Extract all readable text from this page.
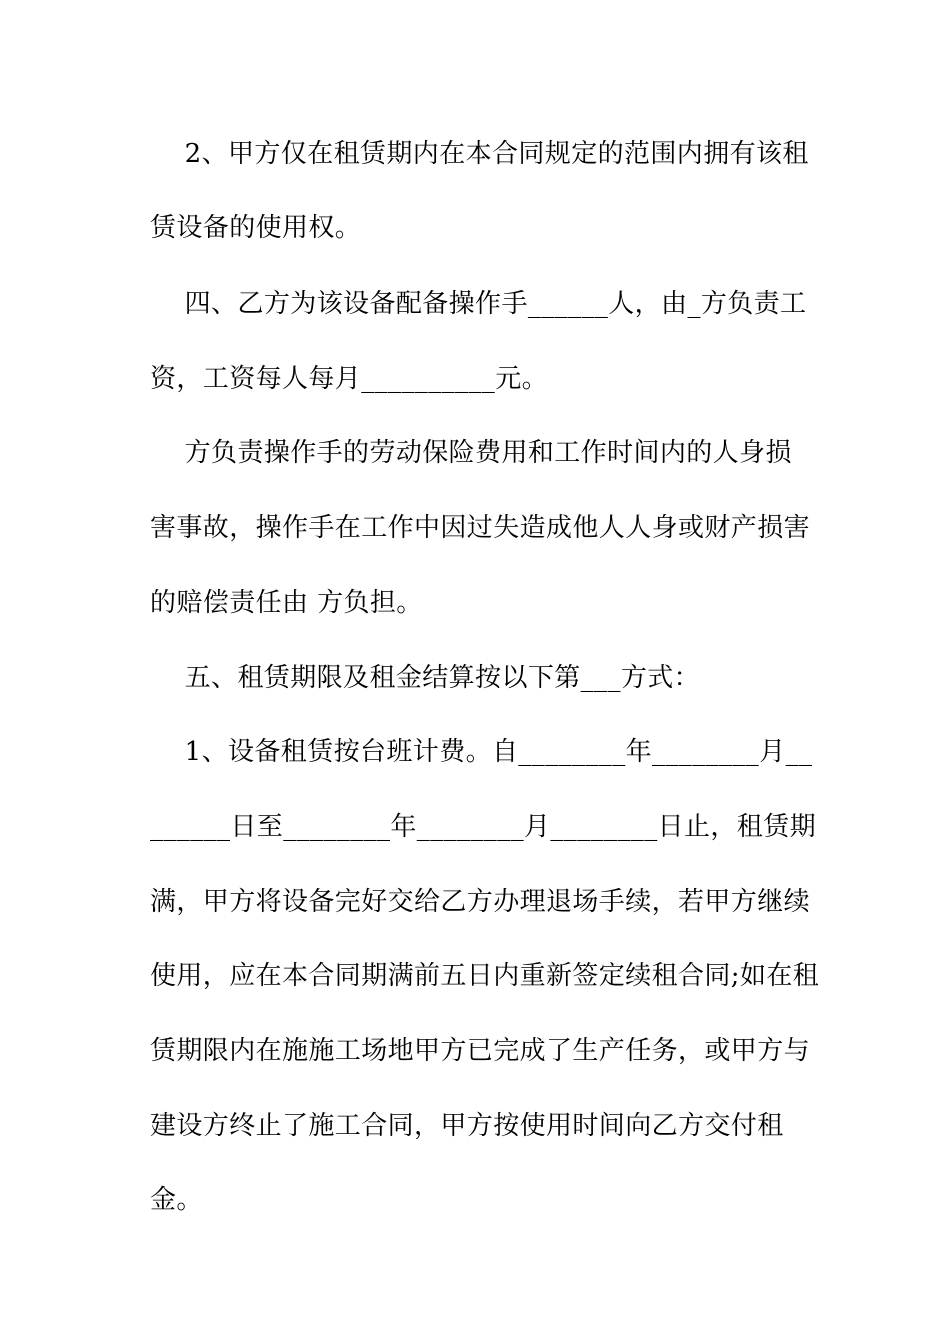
2、甲方仅在租赁期内在本合同规定的范围内拥有该租
赁设备的使用权。
四、乙方为该设备配备操作手______人，由_方负责工
资，工资每人每月__________元。
方负责操作手的劳动保险费用和工作时间内的人身损
害事故，操作手在工作中因过失造成他人人身或财产损害
的赔偿责任由 方负担。
五、租赁期限及租金结算按以下第___方式：
1、设备租赁按台班计费。自________年________月__
______日至________年________月________日止，租赁期
满，甲方将设备完好交给乙方办理退场手续，若甲方继续
使用，应在本合同期满前五日内重新签定续租合同;如在租
赁期限内在施施工场地甲方已完成了生产任务，或甲方与
建设方终止了施工合同，甲方按使用时间向乙方交付租
金。
